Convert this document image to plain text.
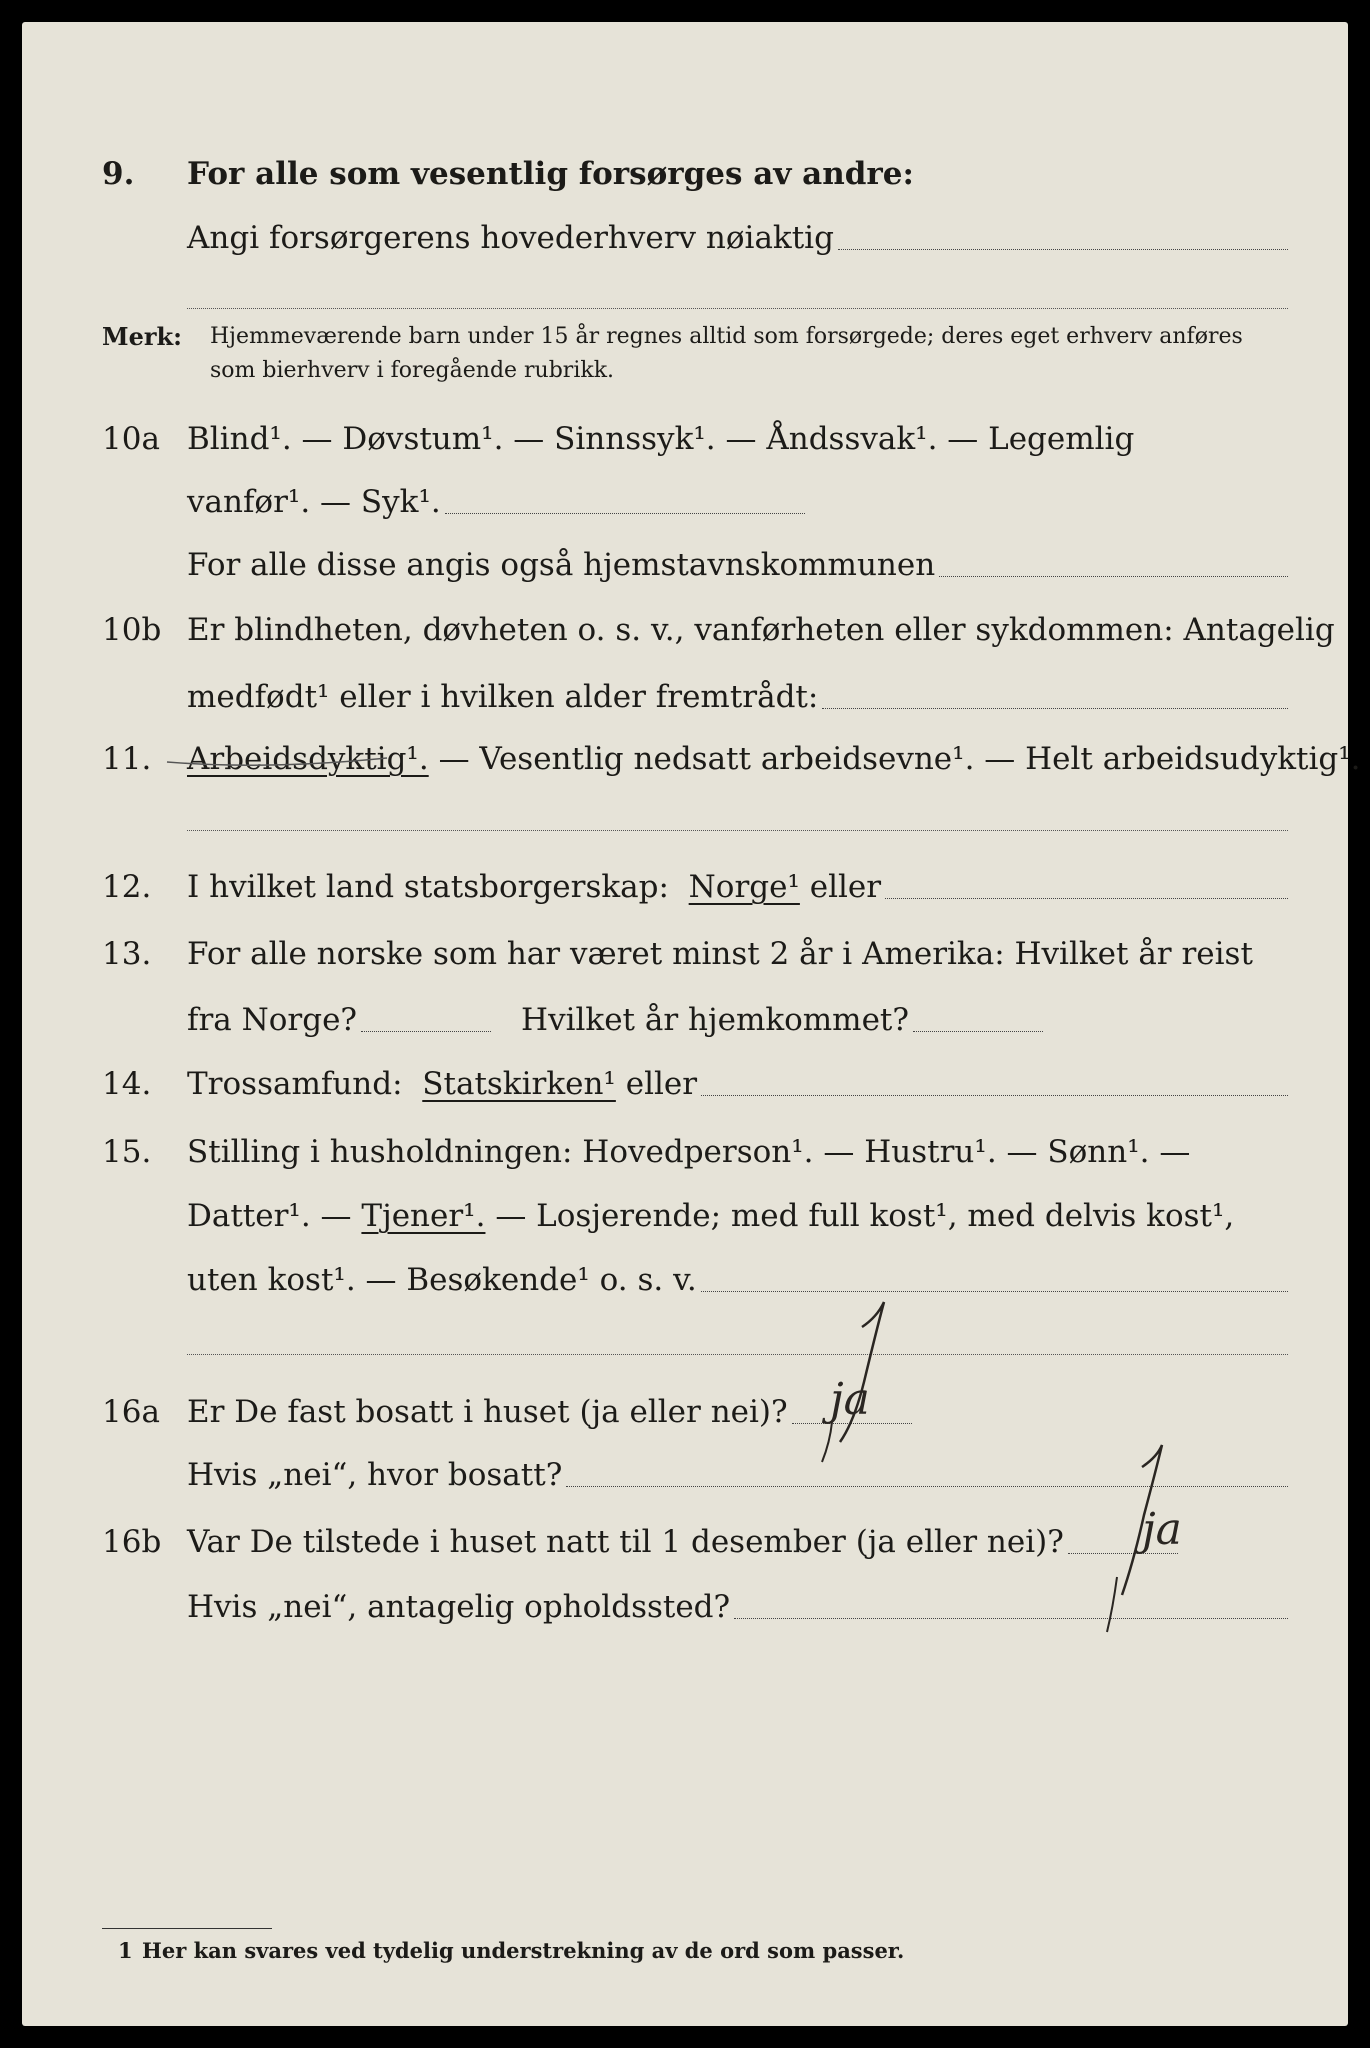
9.	For alle som vesentlig forsørges av andre:
Angi forsørgerens hovederhverv nøiaktig
Merk: Hjemmeværende barn under 15 år regnes alltid som forsørgede; deres eget erhverv anføres som bierhverv i foregående rubrikk.
10a Blind¹. — Døvstum¹. — Sinnssyk¹. — Åndssvak¹. — Legemlig
vanfør¹. — Syk¹.
For alle disse angis også hjemstavnskommunen
10b Er blindheten, døvheten o. s. v., vanførheten eller sykdommen: Antagelig
medfødt¹ eller i hvilken alder fremtrådt:
11.	Arbeidsdyktig¹.
— Vesentlig nedsatt arbeidsevne¹. — Helt arbeidsudyktig¹.
12.	I hvilket land statsborgerskap:
Norge¹
eller
13.	For alle norske som har været minst 2 år i Amerika: Hvilket år reist
fra Norge?	Hvilket år hjemkommet?
14.	Trossamfund:
Statskirken¹
eller
15.	Stilling i husholdningen: Hovedperson¹. — Hustru¹. — Sønn¹. —
Datter¹. —
Tjener¹.
— Losjerende; med full kost¹, med delvis kost¹,
uten kost¹. — Besøkende¹ o. s. v.
16a Er De fast bosatt i huset (ja eller nei)? ja
Hvis „nei“, hvor bosatt?
16b Var De tilstede i huset natt til 1 desember (ja eller nei)? ja
Hvis „nei“, antagelig opholdssted?
1 Her kan svares ved tydelig understrekning av de ord som passer.
